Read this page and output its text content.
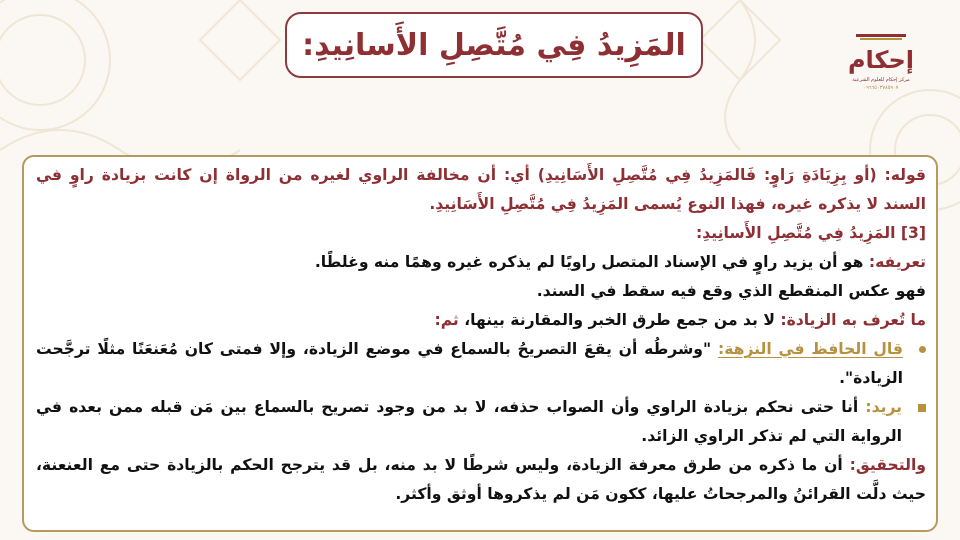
المَزِيدُ فِي مُتَّصِلِ الأَسانِيدِ:	إحكام
مركز إحكام للعلوم الشرعية
٠٩٦٦٥٠٣٧٨٥٩٠٧

قوله: (أو بِزِيَادَةِ رَاوٍ: فَالمَزِيدُ فِي مُتَّصِلِ الأَسَانِيدِ) أي: أن مخالفة الراوي لغيره من الرواة إن كانت بزيادة راوٍ في السند لا يذكره غيره، فهذا النوع يُسمى المَزِيدُ فِي مُتَّصِلِ الأَسَانِيدِ.

[3] المَزِيدُ فِي مُتَّصِلِ الأَسانِيدِ:

تعريفه: هو أن يزيد راوٍ في الإسناد المتصل راويًا لم يذكره غيره وهمًا منه وغلطًا.

فهو عكس المنقطع الذي وقع فيه سقط في السند.

ما تُعرف به الزيادة: لا بد من جمع طرق الخبر والمقارنة بينها، ثم:

قال الحافظ في النزهة: "وشرطُه أن يقعَ التصريحُ بالسماع في موضع الزيادة، وإلا فمتى كان مُعَنعَنًا مثلًا ترجَّحت الزيادة".
يريد: أنا حتى نحكم بزيادة الراوي وأن الصواب حذفه، لا بد من وجود تصريح بالسماع بين مَن قبله ممن بعده في الرواية التي لم تذكر الراوي الزائد.

والتحقيق: أن ما ذكره من طرق معرفة الزيادة، وليس شرطًا لا بد منه، بل قد يترجح الحكم بالزيادة حتى مع العنعنة، حيث دلَّت القرائنُ والمرجحاتُ عليها، ككون مَن لم يذكروها أوثق وأكثر.
